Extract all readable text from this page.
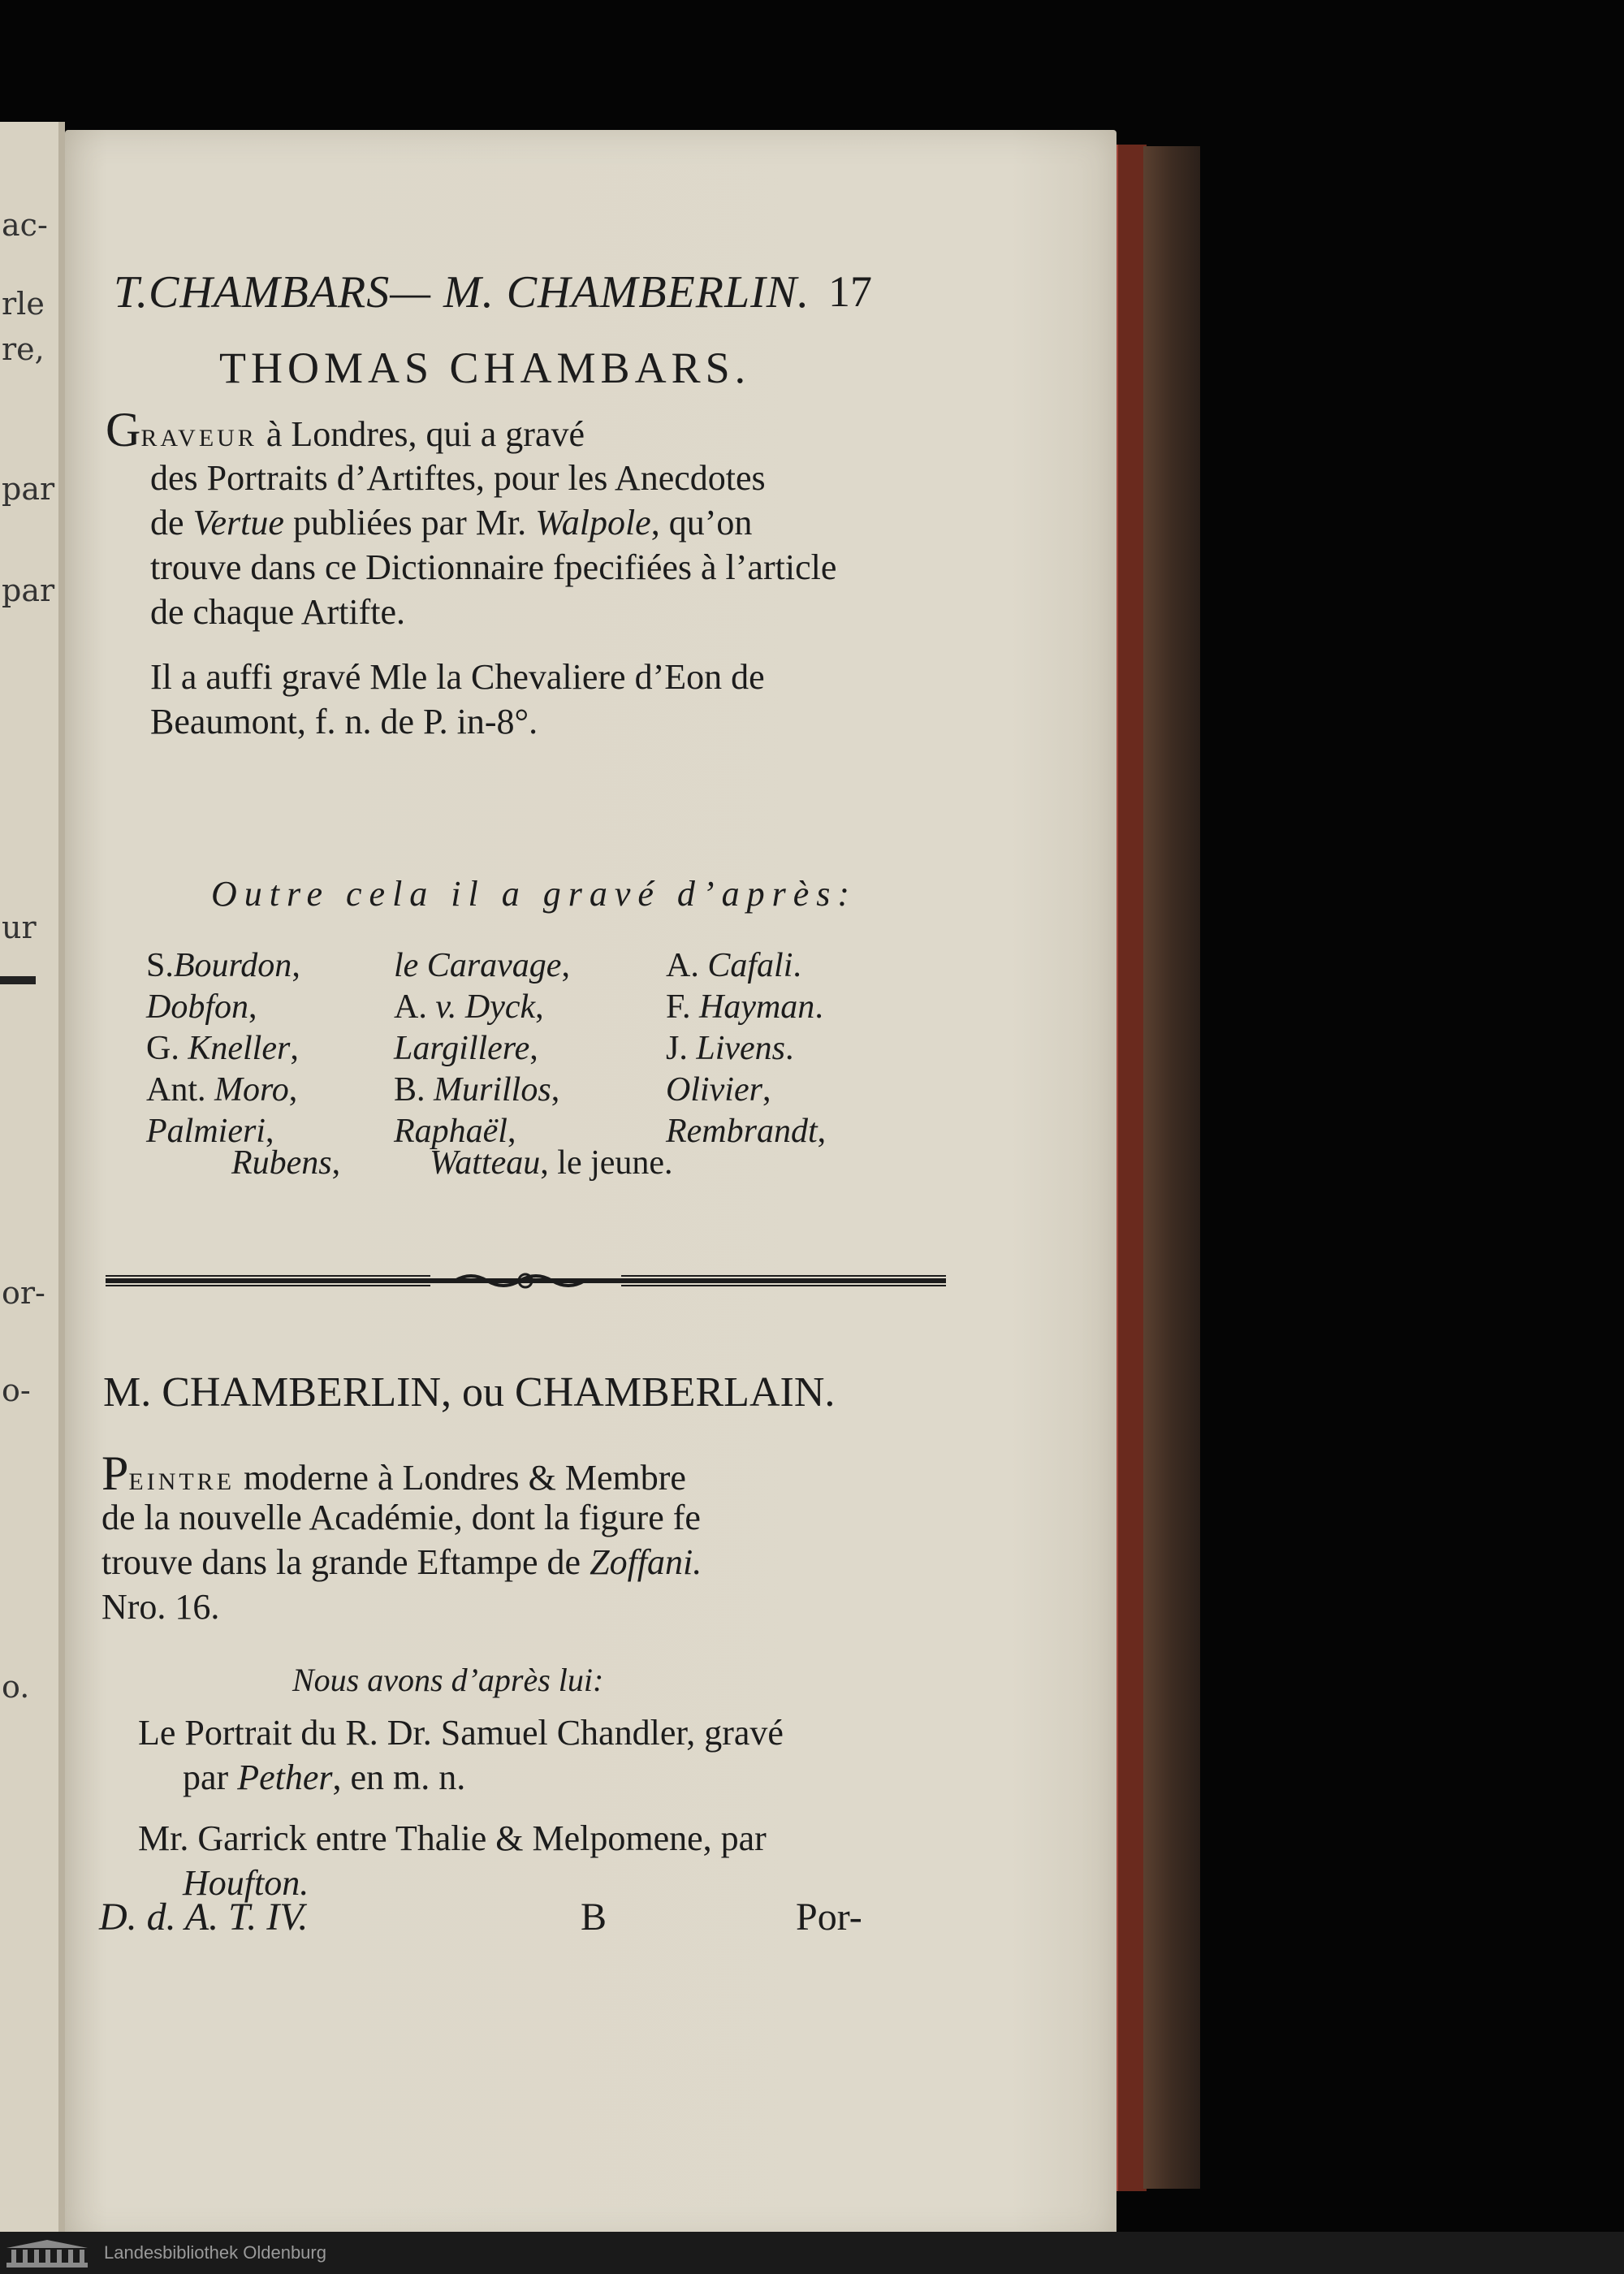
ac-
rle
re,
par
par
ur
or-
o-
o.
T.CHAMBARS— M. CHAMBERLIN. 17
THOMAS CHAMBARS.
GRAVEUR à Londres, qui a gravé
Il a auffi gravé Mle la Chevaliere d’Eon de
Beaumont, f. n. de P. in-8°.
Outre cela il a gravé d’après:
S.Bourdon,	le Caravage,	A. Cafali.
Dobfon,	A. v. Dyck,	F. Hayman.
G. Kneller,	Largillere,	J. Livens.
Ant. Moro,	B. Murillos,	Olivier,
Palmieri,	Raphaël,	Rembrandt,
Rubens,	Watteau, le jeune.
M. CHAMBERLIN, ou CHAMBERLAIN.
PEINTRE moderne à Londres & Membre
Nous avons d’après lui:
D. d. A. T. IV.	B	Por-
des Portraits d’Artiftes, pour les Anecdotes
de Vertue publiées par Mr. Walpole, qu’on
trouve dans ce Dictionnaire fpecifiées à l’article
de chaque Artifte.
de la nouvelle Académie, dont la figure fe
trouve dans la grande Eftampe de Zoffani.
Nro. 16.
Le Portrait du R. Dr. Samuel Chandler, gravé
par Pether, en m. n.
Mr. Garrick entre Thalie & Melpomene, par
Houfton.
Landesbibliothek Oldenburg
